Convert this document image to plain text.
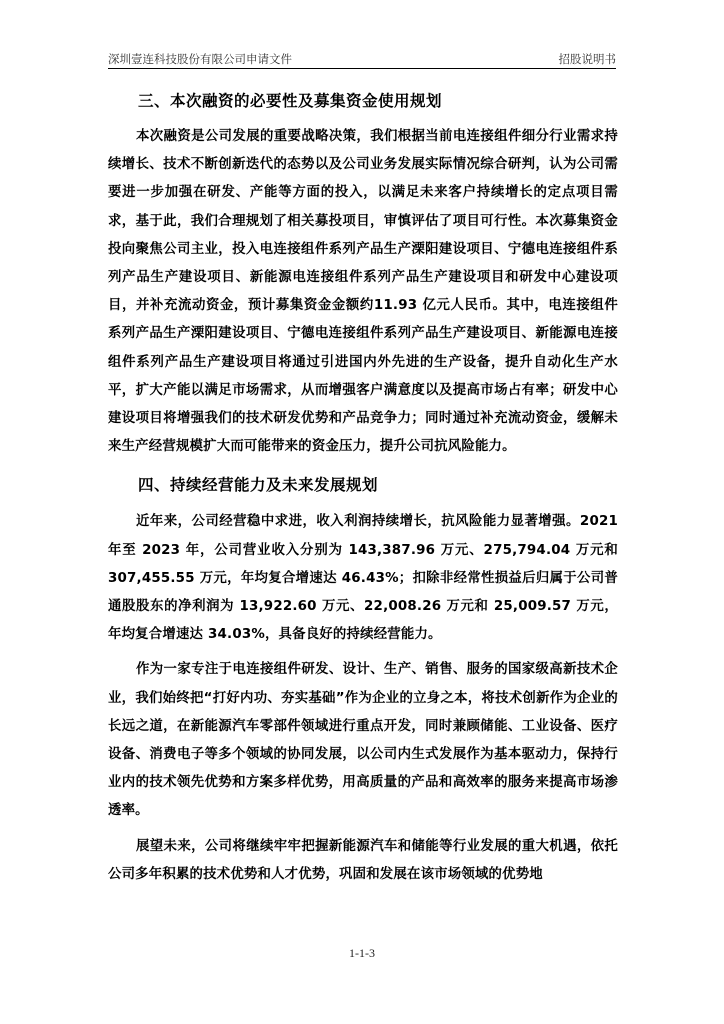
深圳壹连科技股份有限公司申请文件	招股说明书
三、本次融资的必要性及募集资金使用规划

本次融资是公司发展的重要战略决策，我们根据当前电连接组件细分行业需求持续增长、技术不断创新迭代的态势以及公司业务发展实际情况综合研判，认为公司需要进一步加强在研发、产能等方面的投入，以满足未来客户持续增长的定点项目需求，基于此，我们合理规划了相关募投项目，审慎评估了项目可行性。本次募集资金投向聚焦公司主业，投入电连接组件系列产品生产溧阳建设项目、宁德电连接组件系列产品生产建设项目、新能源电连接组件系列产品生产建设项目和研发中心建设项目，并补充流动资金，预计募集资金金额约11.93 亿元人民币。其中，电连接组件系列产品生产溧阳建设项目、宁德电连接组件系列产品生产建设项目、新能源电连接组件系列产品生产建设项目将通过引进国内外先进的生产设备，提升自动化生产水平，扩大产能以满足市场需求，从而增强客户满意度以及提高市场占有率；研发中心建设项目将增强我们的技术研发优势和产品竞争力；同时通过补充流动资金，缓解未来生产经营规模扩大而可能带来的资金压力，提升公司抗风险能力。

四、持续经营能力及未来发展规划

近年来，公司经营稳中求进，收入利润持续增长，抗风险能力显著增强。2021 年至 2023 年，公司营业收入分别为 143,387.96 万元、275,794.04 万元和 307,455.55 万元，年均复合增速达 46.43%；扣除非经常性损益后归属于公司普通股股东的净利润为 13,922.60 万元、22,008.26 万元和 25,009.57 万元，年均复合增速达 34.03%，具备良好的持续经营能力。

作为一家专注于电连接组件研发、设计、生产、销售、服务的国家级高新技术企业，我们始终把“打好内功、夯实基础”作为企业的立身之本，将技术创新作为企业的长远之道，在新能源汽车零部件领域进行重点开发，同时兼顾储能、工业设备、医疗设备、消费电子等多个领域的协同发展，以公司内生式发展作为基本驱动力，保持行业内的技术领先优势和方案多样优势，用高质量的产品和高效率的服务来提高市场渗透率。

展望未来，公司将继续牢牢把握新能源汽车和储能等行业发展的重大机遇，依托公司多年积累的技术优势和人才优势，巩固和发展在该市场领域的优势地

1-1-3
